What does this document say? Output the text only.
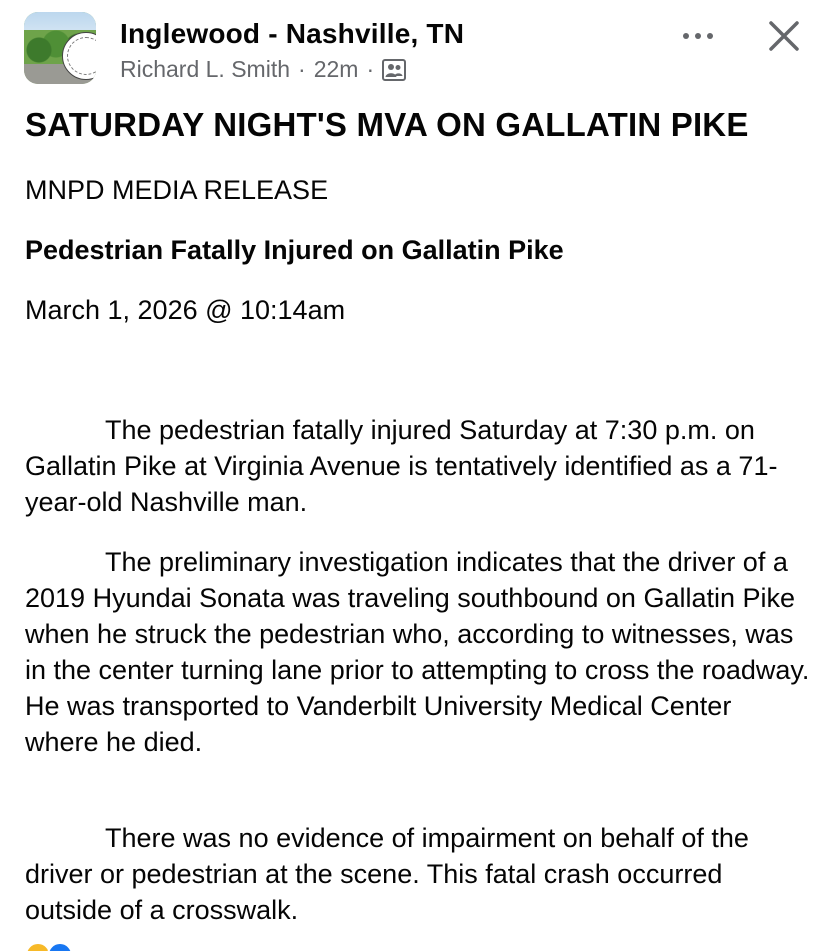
Inglewood - Nashville, TN
Richard L. Smith · 22m ·
SATURDAY NIGHT'S MVA ON GALLATIN PIKE
MNPD MEDIA RELEASE
Pedestrian Fatally Injured on Gallatin Pike
March 1, 2026 @ 10:14am
The pedestrian fatally injured Saturday at 7:30 p.m. on Gallatin Pike at Virginia Avenue is tentatively identified as a 71-year-old Nashville man.
The preliminary investigation indicates that the driver of a 2019 Hyundai Sonata was traveling southbound on Gallatin Pike when he struck the pedestrian who, according to witnesses, was in the center turning lane prior to attempting to cross the roadway. He was transported to Vanderbilt University Medical Center where he died.
There was no evidence of impairment on behalf of the driver or pedestrian at the scene. This fatal crash occurred outside of a crosswalk.
